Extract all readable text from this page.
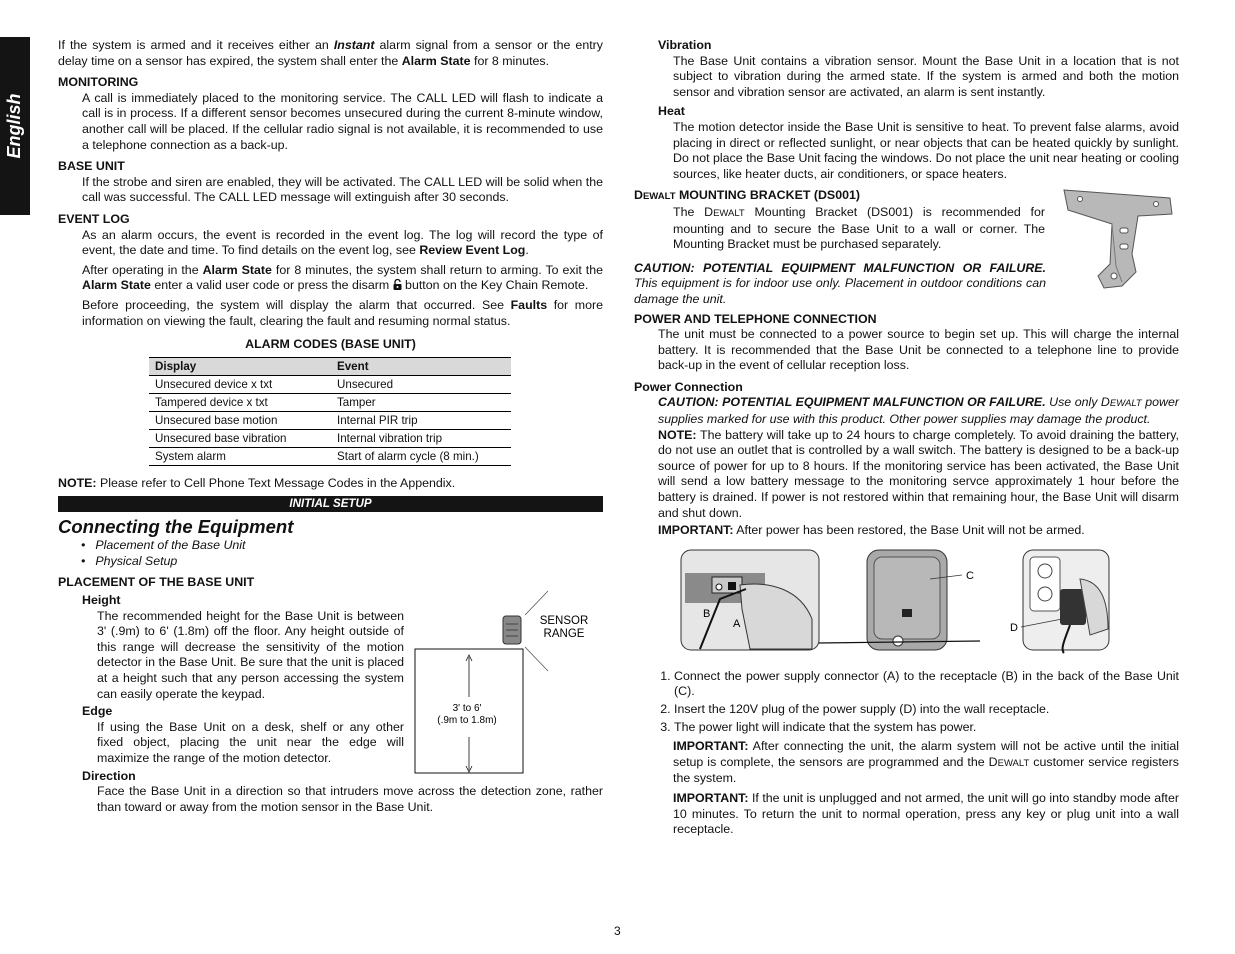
English

If the system is armed and it receives either an Instant alarm signal from a sensor or the entry delay time on a sensor has expired, the system shall enter the Alarm State for 8 minutes.

MONITORING

A call is immediately placed to the monitoring service. The CALL LED will flash to indicate a call is in process. If a different sensor becomes unsecured during the current 8-minute window, another call will be placed. If the cellular radio signal is not available, it is recommended to use a telephone connection as a back-up.

BASE UNIT

If the strobe and siren are enabled, they will be activated. The CALL LED will be solid when the call was successful. The CALL LED message will extinguish after 30 seconds.

EVENT LOG

As an alarm occurs, the event is recorded in the event log. The log will record the type of event, the date and time. To find details on the event log, see Review Event Log.

After operating in the Alarm State for 8 minutes, the system shall return to arming. To exit the Alarm State enter a valid user code or press the disarm  button on the Key Chain Remote.

Before proceeding, the system will display the alarm that occurred. See Faults for more information on viewing the fault, clearing the fault and resuming normal status.

ALARM CODES (BASE UNIT)

Display	Event
Unsecured device x txt	Unsecured
Tampered device x txt	Tamper
Unsecured base motion	Internal PIR trip
Unsecured base vibration	Internal vibration trip
System alarm	Start of alarm cycle (8 min.)

NOTE: Please refer to Cell Phone Text Message Codes in the Appendix.

INITIAL SETUP

Connecting the Equipment

• Placement of the Base Unit
• Physical Setup

PLACEMENT OF THE BASE UNIT

Height

The recommended height for the Base Unit is between 3' (.9m) to 6' (1.8m) off the floor. Any height outside of this range will decrease the sensitivity of the motion detector in the Base Unit. Be sure that the unit is placed at a height such that any person accessing the system can easily operate the keypad.

Edge

If using the Base Unit on a desk, shelf or any other fixed object, placing the unit near the edge will maximize the range of the motion detector.

Direction

Face the Base Unit in a direction so that intruders move across the detection zone, rather than toward or away from the motion sensor in the Base Unit.

SENSOR
RANGE
3' to 6'
(.9m to 1.8m)

Vibration

The Base Unit contains a vibration sensor. Mount the Base Unit in a location that is not subject to vibration during the armed state. If the system is armed and both the motion sensor and vibration sensor are activated, an alarm is sent instantly.

Heat

The motion detector inside the Base Unit is sensitive to heat. To prevent false alarms, avoid placing in direct or reflected sunlight, or near objects that can be heated quickly by sunlight. Do not place the Base Unit facing the windows. Do not place the unit near heating or cooling sources, like heater ducts, air conditioners, or space heaters.

DEWALT MOUNTING BRACKET (DS001)

The DEWALT Mounting Bracket (DS001) is recommended for mounting and to secure the Base Unit to a wall or corner. The Mounting Bracket must be purchased separately.

CAUTION: POTENTIAL EQUIPMENT MALFUNCTION OR FAILURE. This equipment is for indoor use only. Placement in outdoor conditions can damage the unit.

POWER AND TELEPHONE CONNECTION

The unit must be connected to a power source to begin set up. This will charge the internal battery. It is recommended that the Base Unit be connected to a telephone line to provide back-up in the event of cellular reception loss.

Power Connection

CAUTION: POTENTIAL EQUIPMENT MALFUNCTION OR FAILURE. Use only DEWALT power supplies marked for use with this product. Other power supplies may damage the product.

NOTE: The battery will take up to 24 hours to charge completely. To avoid draining the battery, do not use an outlet that is controlled by a wall switch. The battery is designed to be a back-up source of power for up to 8 hours. If the monitoring service has been activated, the Base Unit will send a low battery message to the monitoring servce approximately 1 hour before the battery is drained. If power is not restored within that remaining hour, the Base Unit will disarm and shut down.

IMPORTANT: After power has been restored, the Base Unit will not be armed.

B
A
C
D
1. Connect the power supply connector (A) to the receptacle (B) in the back of the Base Unit (C).
2. Insert the 120V plug of the power supply (D) into the wall receptacle.
3. The power light will indicate that the system has power.

IMPORTANT: After connecting the unit, the alarm system will not be active until the initial setup is complete, the sensors are programmed and the DEWALT customer service registers the system.

IMPORTANT: If the unit is unplugged and not armed, the unit will go into standby mode after 10 minutes. To return the unit to normal operation, press any key or plug unit into a wall receptacle.

3
